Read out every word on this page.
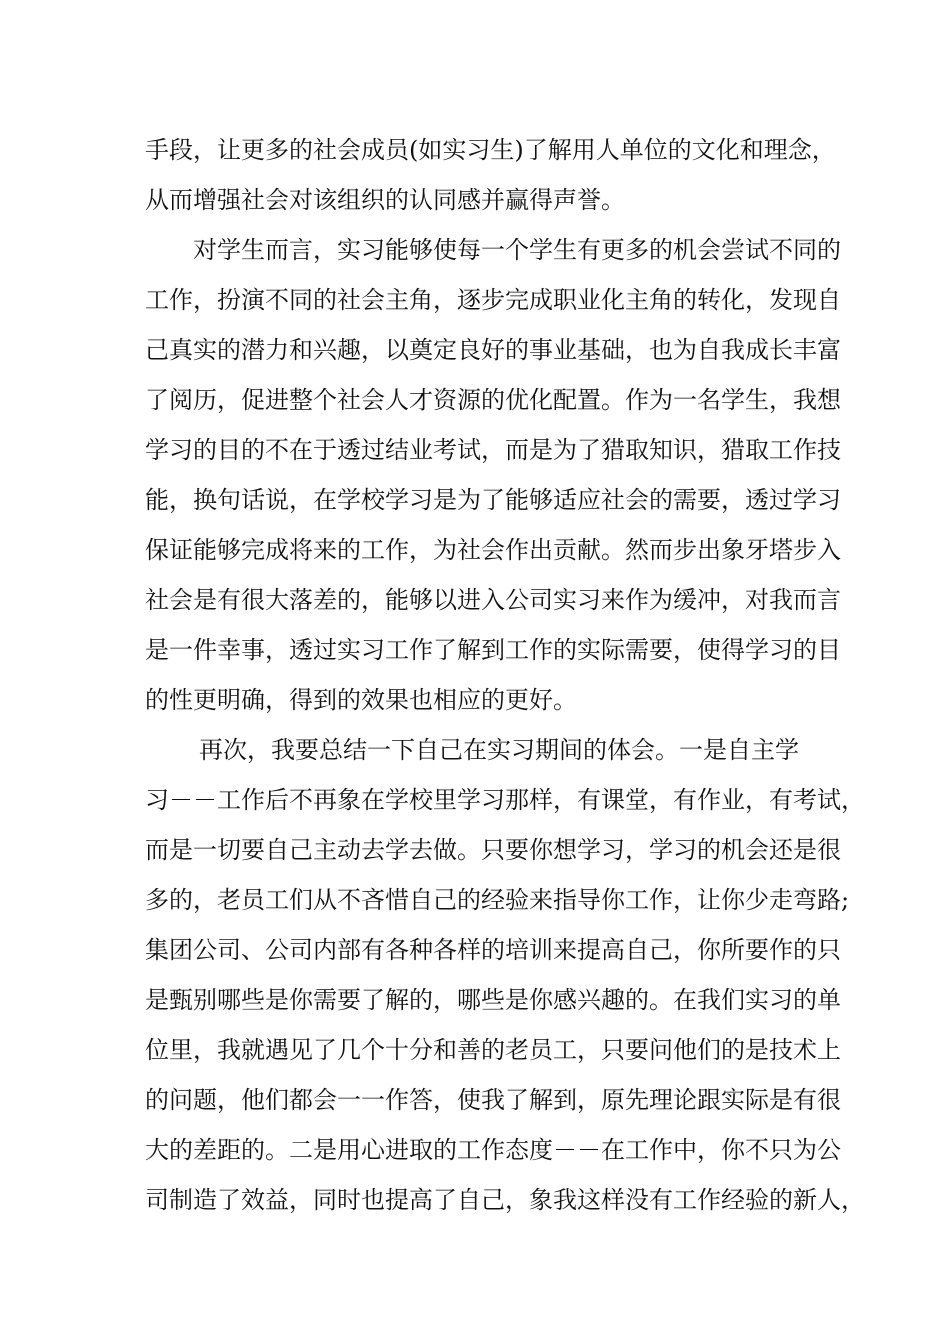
手段，让更多的社会成员(如实习生)了解用人单位的文化和理念，
从而增强社会对该组织的认同感并赢得声誉。
对学生而言，实习能够使每一个学生有更多的机会尝试不同的
工作，扮演不同的社会主角，逐步完成职业化主角的转化，发现自
己真实的潜力和兴趣，以奠定良好的事业基础，也为自我成长丰富
了阅历，促进整个社会人才资源的优化配置。作为一名学生，我想
学习的目的不在于透过结业考试，而是为了猎取知识，猎取工作技
能，换句话说，在学校学习是为了能够适应社会的需要，透过学习
保证能够完成将来的工作，为社会作出贡献。然而步出象牙塔步入
社会是有很大落差的，能够以进入公司实习来作为缓冲，对我而言
是一件幸事，透过实习工作了解到工作的实际需要，使得学习的目
的性更明确，得到的效果也相应的更好。
再次，我要总结一下自己在实习期间的体会。一是自主学
习－－工作后不再象在学校里学习那样，有课堂，有作业，有考试，
而是一切要自己主动去学去做。只要你想学习，学习的机会还是很
多的，老员工们从不吝惜自己的经验来指导你工作，让你少走弯路;
集团公司、公司内部有各种各样的培训来提高自己，你所要作的只
是甄别哪些是你需要了解的，哪些是你感兴趣的。在我们实习的单
位里，我就遇见了几个十分和善的老员工，只要问他们的是技术上
的问题，他们都会一一作答，使我了解到，原先理论跟实际是有很
大的差距的。二是用心进取的工作态度－－在工作中，你不只为公
司制造了效益，同时也提高了自己，象我这样没有工作经验的新人，
